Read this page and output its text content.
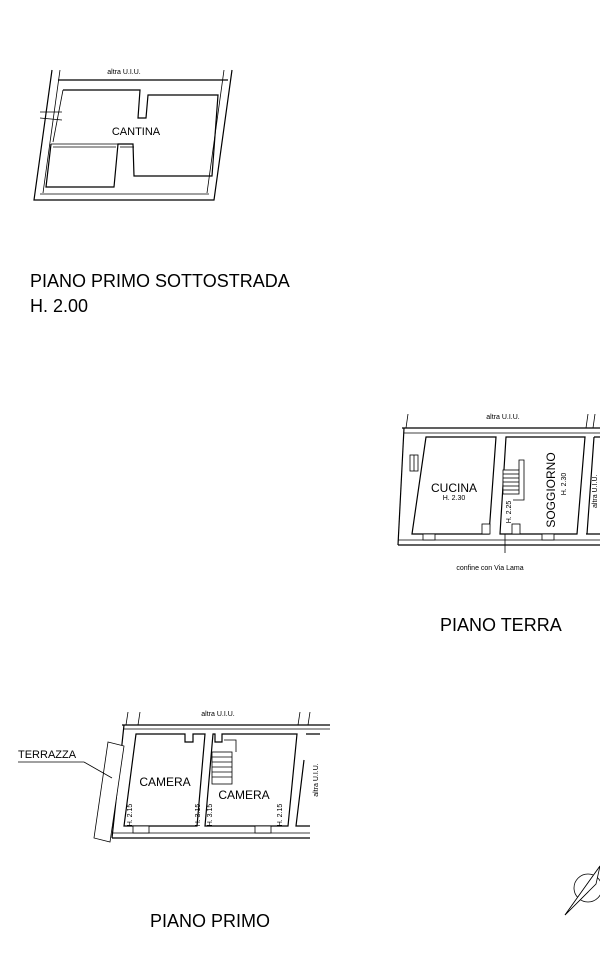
altra U.I.U.
CANTINA
altra U.I.U.
altra U.I.U.
CUCINA
H. 2.30	SOGGIORNO H. 2.30
H. 2.25
confine con Via Lama
altra U.I.U.
altra U.I.U.
TERRAZZA
CAMERA
CAMERA
H. 2.15	H. 3.15 H. 3.15	H. 2.15
PIANO PRIMO SOTTOSTRADA
H. 2.00
PIANO TERRA
PIANO PRIMO
